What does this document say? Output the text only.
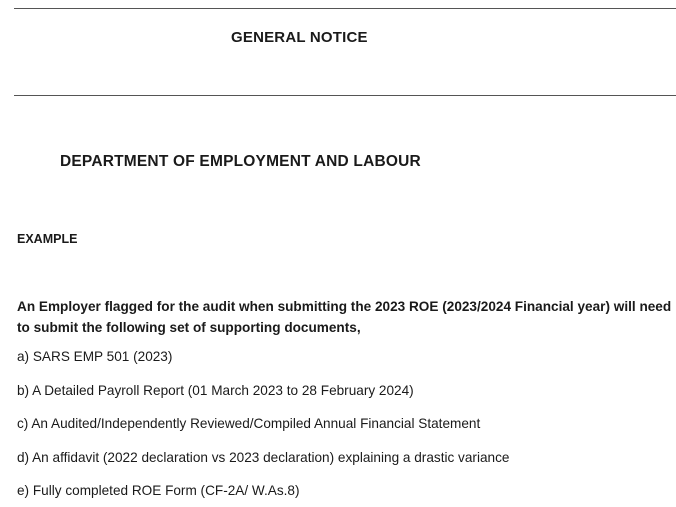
GENERAL NOTICE
DEPARTMENT OF EMPLOYMENT AND LABOUR
EXAMPLE

An Employer flagged for the audit when submitting the 2023 ROE (2023/2024 Financial year) will need to submit the following set of supporting documents,

a) SARS EMP 501 (2023)
b) A Detailed Payroll Report (01 March 2023 to 28 February 2024)
c) An Audited/Independently Reviewed/Compiled Annual Financial Statement
d) An affidavit (2022 declaration vs 2023 declaration) explaining a drastic variance
e) Fully completed ROE Form (CF-2A/ W.As.8)
